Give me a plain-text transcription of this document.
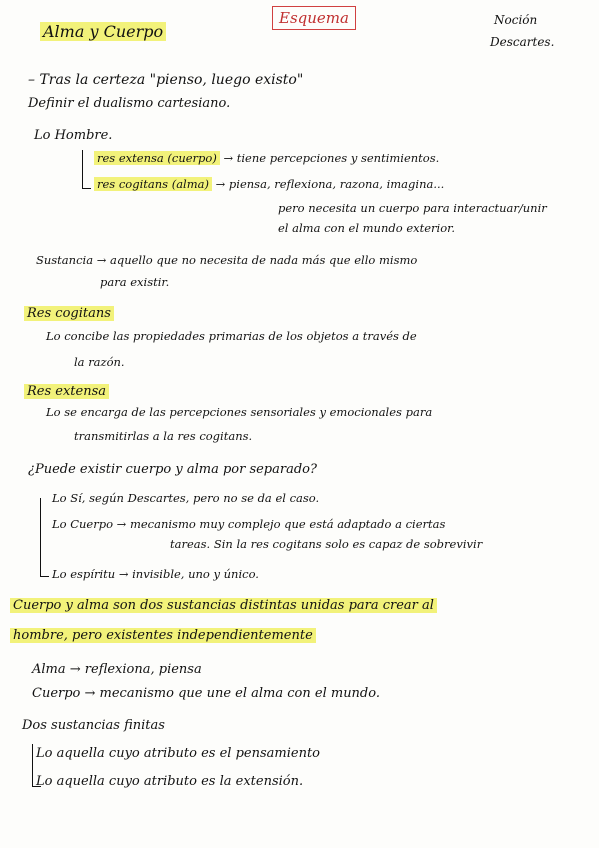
Alma y Cuerpo
Esquema	Noción
Descartes.
– Tras la certeza "pienso, luego existo"
Definir el dualismo cartesiano.
Lo Hombre.
res extensa (cuerpo) → tiene percepciones y sentimientos.
res cogitans (alma) → piensa, reflexiona, razona, imagina...
pero necesita un cuerpo para interactuar/unir
el alma con el mundo exterior.
Sustancia → aquello que no necesita de nada más que ello mismo
para existir.
Res cogitans
Lo concibe las propiedades primarias de los objetos a través de
la razón.
Res extensa
Lo se encarga de las percepciones sensoriales y emocionales para
transmitirlas a la res cogitans.
¿Puede existir cuerpo y alma por separado?
Lo Sí, según Descartes, pero no se da el caso.
Lo Cuerpo → mecanismo muy complejo que está adaptado a ciertas
tareas. Sin la res cogitans solo es capaz de sobrevivir
Lo espíritu → invisible, uno y único.
Cuerpo y alma son dos sustancias distintas unidas para crear al
hombre, pero existentes independientemente
Alma → reflexiona, piensa
Cuerpo → mecanismo que une el alma con el mundo.
Dos sustancias finitas
Lo aquella cuyo atributo es el pensamiento
Lo aquella cuyo atributo es la extensión.
